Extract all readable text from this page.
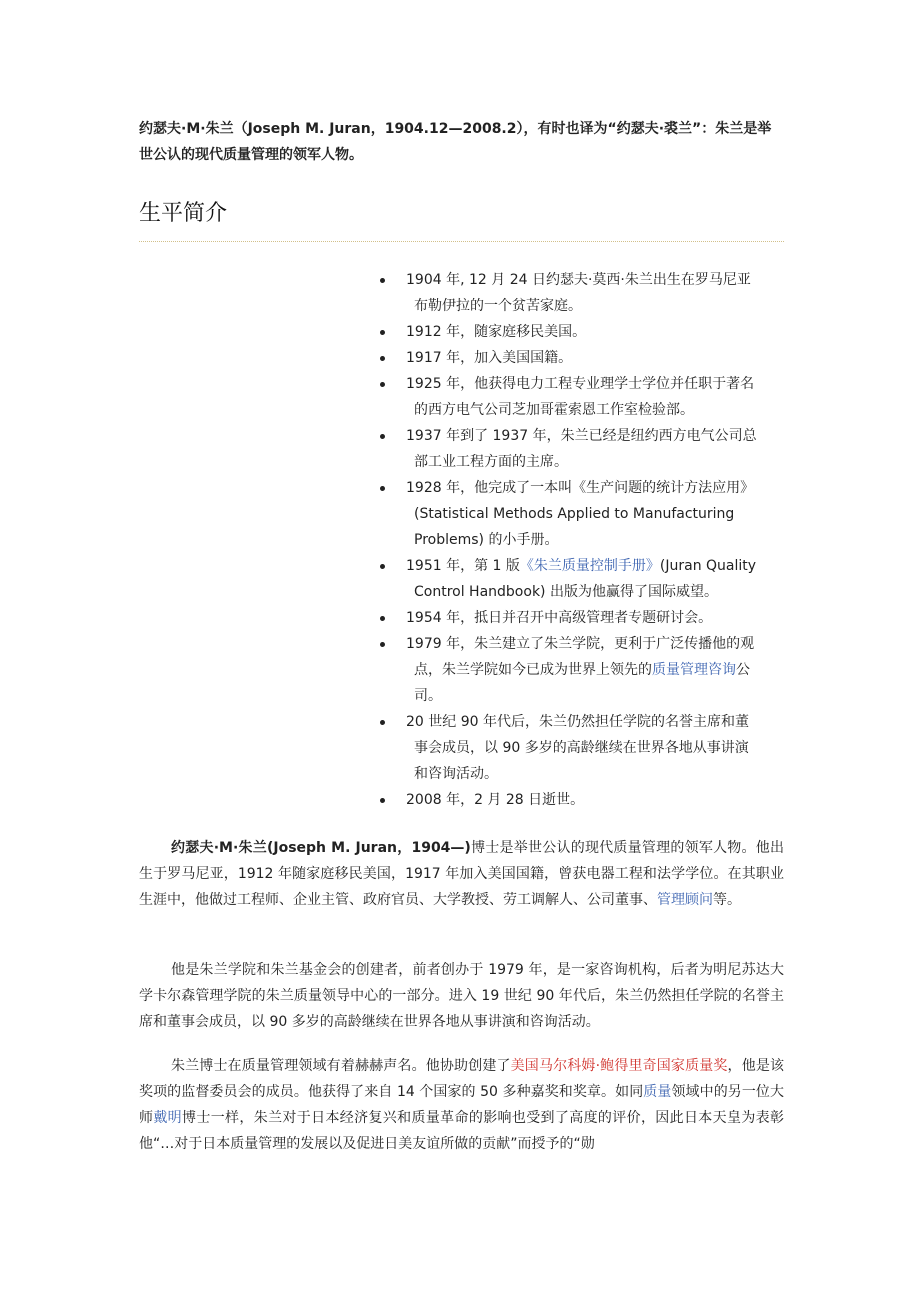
约瑟夫·M·朱兰（Joseph M. Juran，1904.12—2008.2），有时也译为“约瑟夫·裘兰”：朱兰是举世公认的现代质量管理的领军人物。

生平简介
1904 年, 12 月 24 日约瑟夫·莫西·朱兰出生在罗马尼亚布勒伊拉的一个贫苦家庭。
1912 年，随家庭移民美国。
1917 年，加入美国国籍。
1925 年，他获得电力工程专业理学士学位并任职于著名的西方电气公司芝加哥霍索恩工作室检验部。
1937 年到了 1937 年，朱兰已经是纽约西方电气公司总部工业工程方面的主席。
1928 年，他完成了一本叫《生产问题的统计方法应用》(Statistical Methods Applied to Manufacturing Problems) 的小手册。
1951 年，第 1 版《朱兰质量控制手册》(Juran Quality Control Handbook) 出版为他赢得了国际威望。
1954 年，抵日并召开中高级管理者专题研讨会。
1979 年，朱兰建立了朱兰学院，更利于广泛传播他的观点，朱兰学院如今已成为世界上领先的质量管理咨询公司。
20 世纪 90 年代后，朱兰仍然担任学院的名誉主席和董事会成员，以 90 多岁的高龄继续在世界各地从事讲演和咨询活动。
2008 年，2 月 28 日逝世。

约瑟夫·M·朱兰(Joseph M. Juran，1904—)博士是举世公认的现代质量管理的领军人物。他出生于罗马尼亚，1912 年随家庭移民美国，1917 年加入美国国籍，曾获电器工程和法学学位。在其职业生涯中，他做过工程师、企业主管、政府官员、大学教授、劳工调解人、公司董事、管理顾问等。

他是朱兰学院和朱兰基金会的创建者，前者创办于 1979 年，是一家咨询机构，后者为明尼苏达大学卡尔森管理学院的朱兰质量领导中心的一部分。进入 19 世纪 90 年代后，朱兰仍然担任学院的名誉主席和董事会成员，以 90 多岁的高龄继续在世界各地从事讲演和咨询活动。

朱兰博士在质量管理领域有着赫赫声名。他协助创建了美国马尔科姆·鲍得里奇国家质量奖，他是该奖项的监督委员会的成员。他获得了来自 14 个国家的 50 多种嘉奖和奖章。如同质量领域中的另一位大师戴明博士一样，朱兰对于日本经济复兴和质量革命的影响也受到了高度的评价，因此日本天皇为表彰他“…对于日本质量管理的发展以及促进日美友谊所做的贡献”而授予的“勋
